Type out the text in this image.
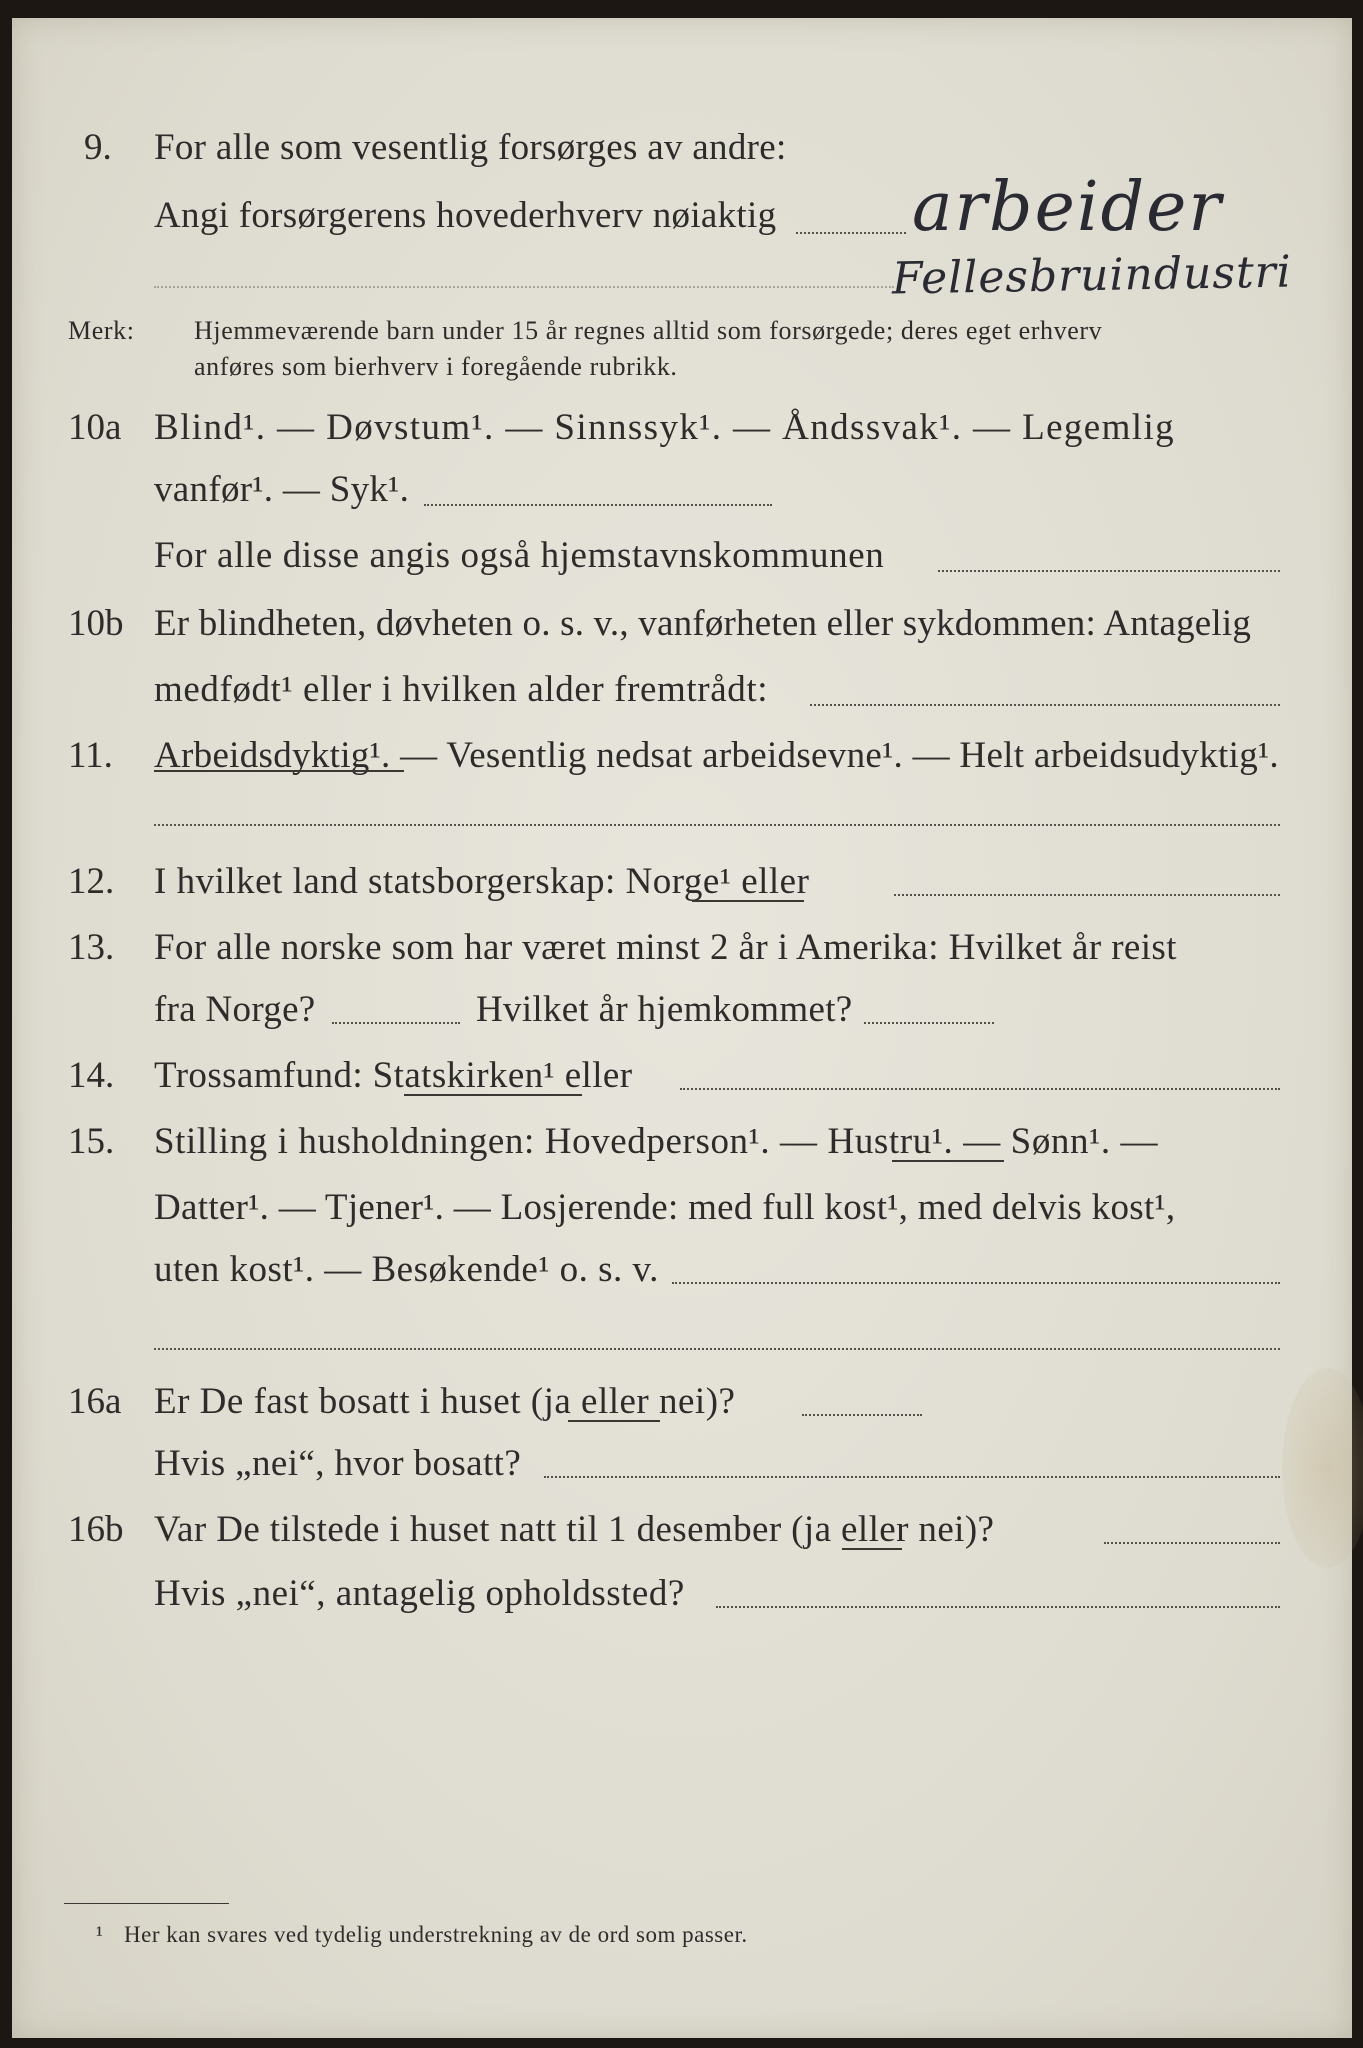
9. For alle som vesentlig forsørges av andre:
Angi forsørgerens hovederhverv nøiaktig arbeider
Fellesbruindustri
Merk: Hjemmeværende barn under 15 år regnes alltid som forsørgede; deres eget erhverv
anføres som bierhverv i foregående rubrikk.
10a Blind¹. — Døvstum¹. — Sinnssyk¹. — Åndssvak¹. — Legemlig
vanfør¹. — Syk¹.
For alle disse angis også hjemstavnskommunen
10b Er blindheten, døvheten o. s. v., vanførheten eller sykdommen: Antagelig
medfødt¹ eller i hvilken alder fremtrådt:
11. Arbeidsdyktig¹. — Vesentlig nedsat arbeidsevne¹. — Helt arbeidsudyktig¹.
12. I hvilket land statsborgerskap: Norge¹ eller
13. For alle norske som har været minst 2 år i Amerika: Hvilket år reist
fra Norge?	Hvilket år hjemkommet?
14. Trossamfund: Statskirken¹ eller
15. Stilling i husholdningen: Hovedperson¹. — Hustru¹. — Sønn¹. —
Datter¹. — Tjener¹. — Losjerende: med full kost¹, med delvis kost¹,
uten kost¹. — Besøkende¹ o. s. v.
16a Er De fast bosatt i huset (ja eller nei)?
Hvis „nei“, hvor bosatt?
16b Var De tilstede i huset natt til 1 desember (ja eller nei)?
Hvis „nei“, antagelig opholdssted?
¹ Her kan svares ved tydelig understrekning av de ord som passer.
